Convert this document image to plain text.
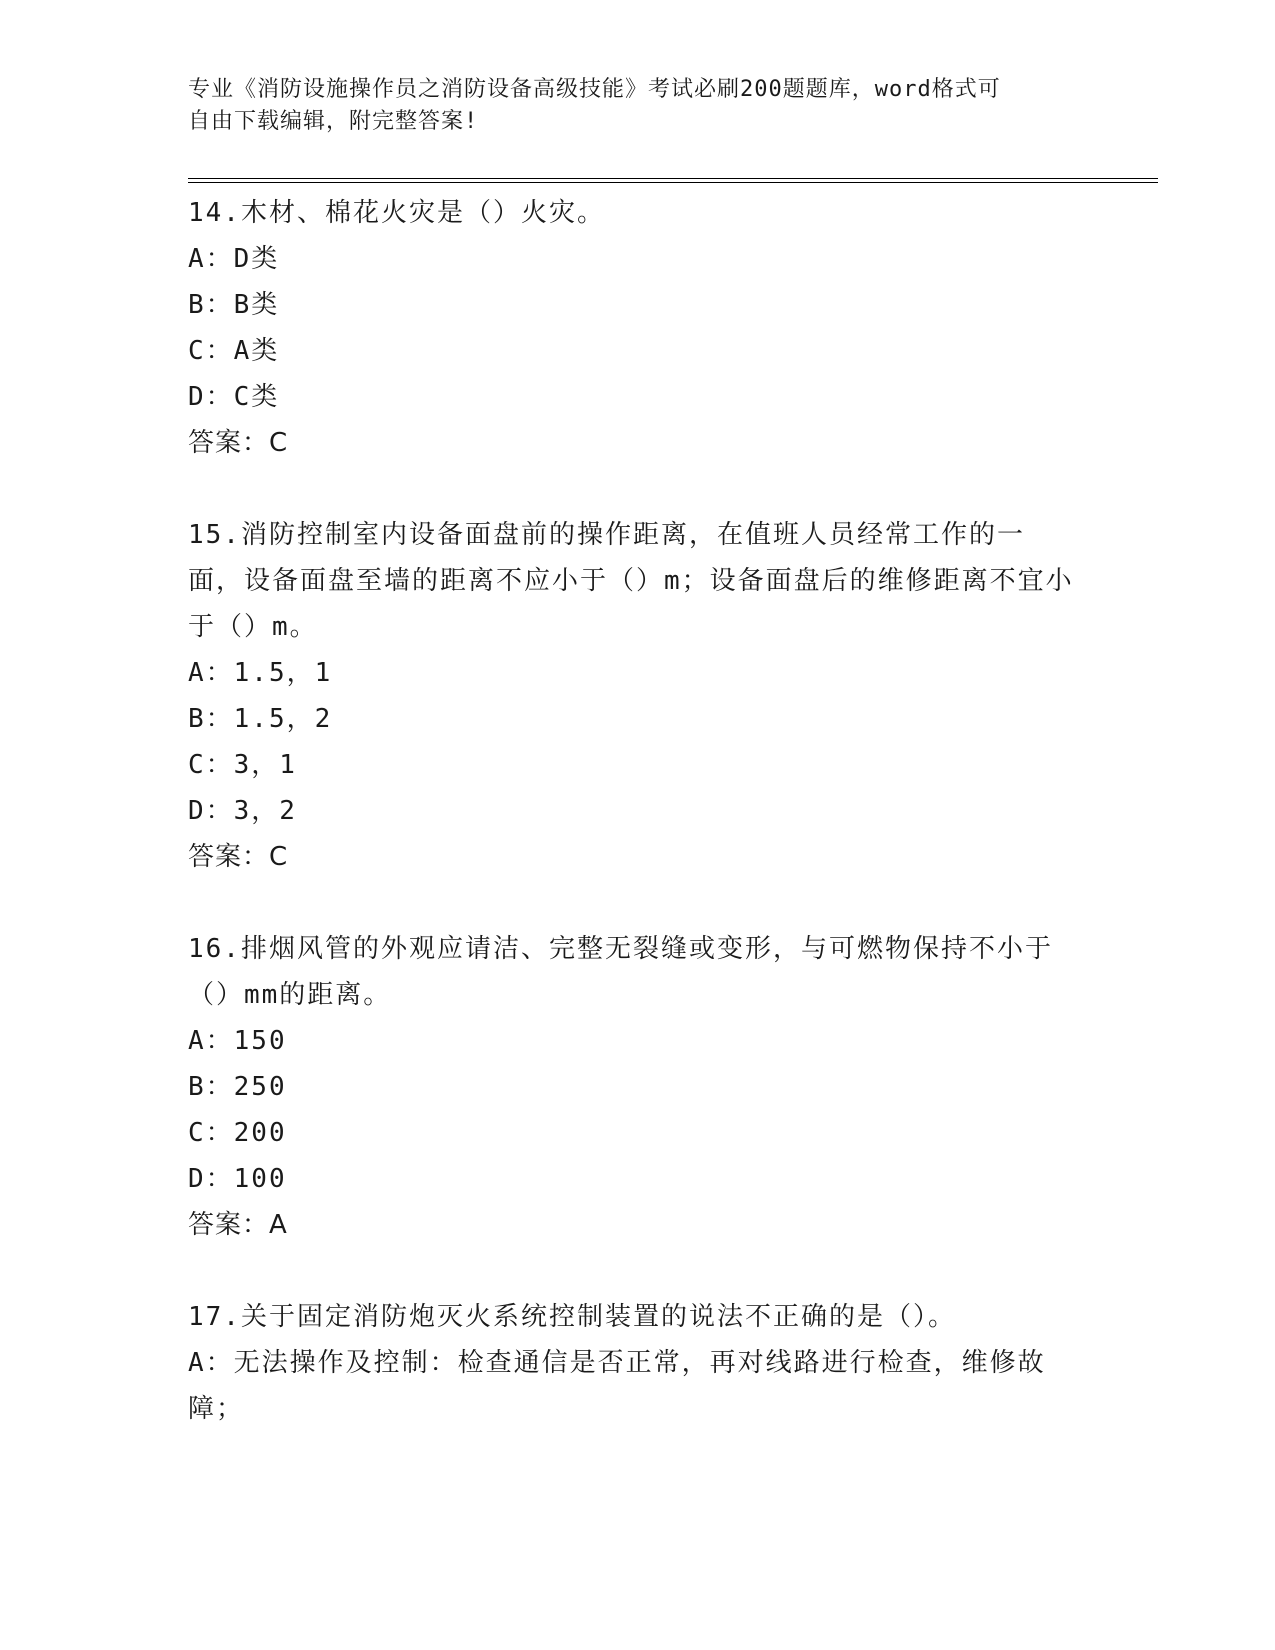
专业《消防设施操作员之消防设备高级技能》考试必刷200题题库，word格式可
自由下载编辑，附完整答案!
14.木材、棉花火灾是（）火灾。
A：D类
B：B类
C：A类
D：C类
答案：C
15.消防控制室内设备面盘前的操作距离，在值班人员经常工作的一面，设备面盘至墙的距离不应小于（）m；设备面盘后的维修距离不宜小于（）m。
A：1.5，1
B：1.5，2
C：3，1
D：3，2
答案：C
16.排烟风管的外观应请洁、完整无裂缝或变形，与可燃物保持不小于（）mm的距离。
A：150
B：250
C：200
D：100
答案：A
17.关于固定消防炮灭火系统控制装置的说法不正确的是（）。
A：无法操作及控制：检查通信是否正常，再对线路进行检查，维修故障；
